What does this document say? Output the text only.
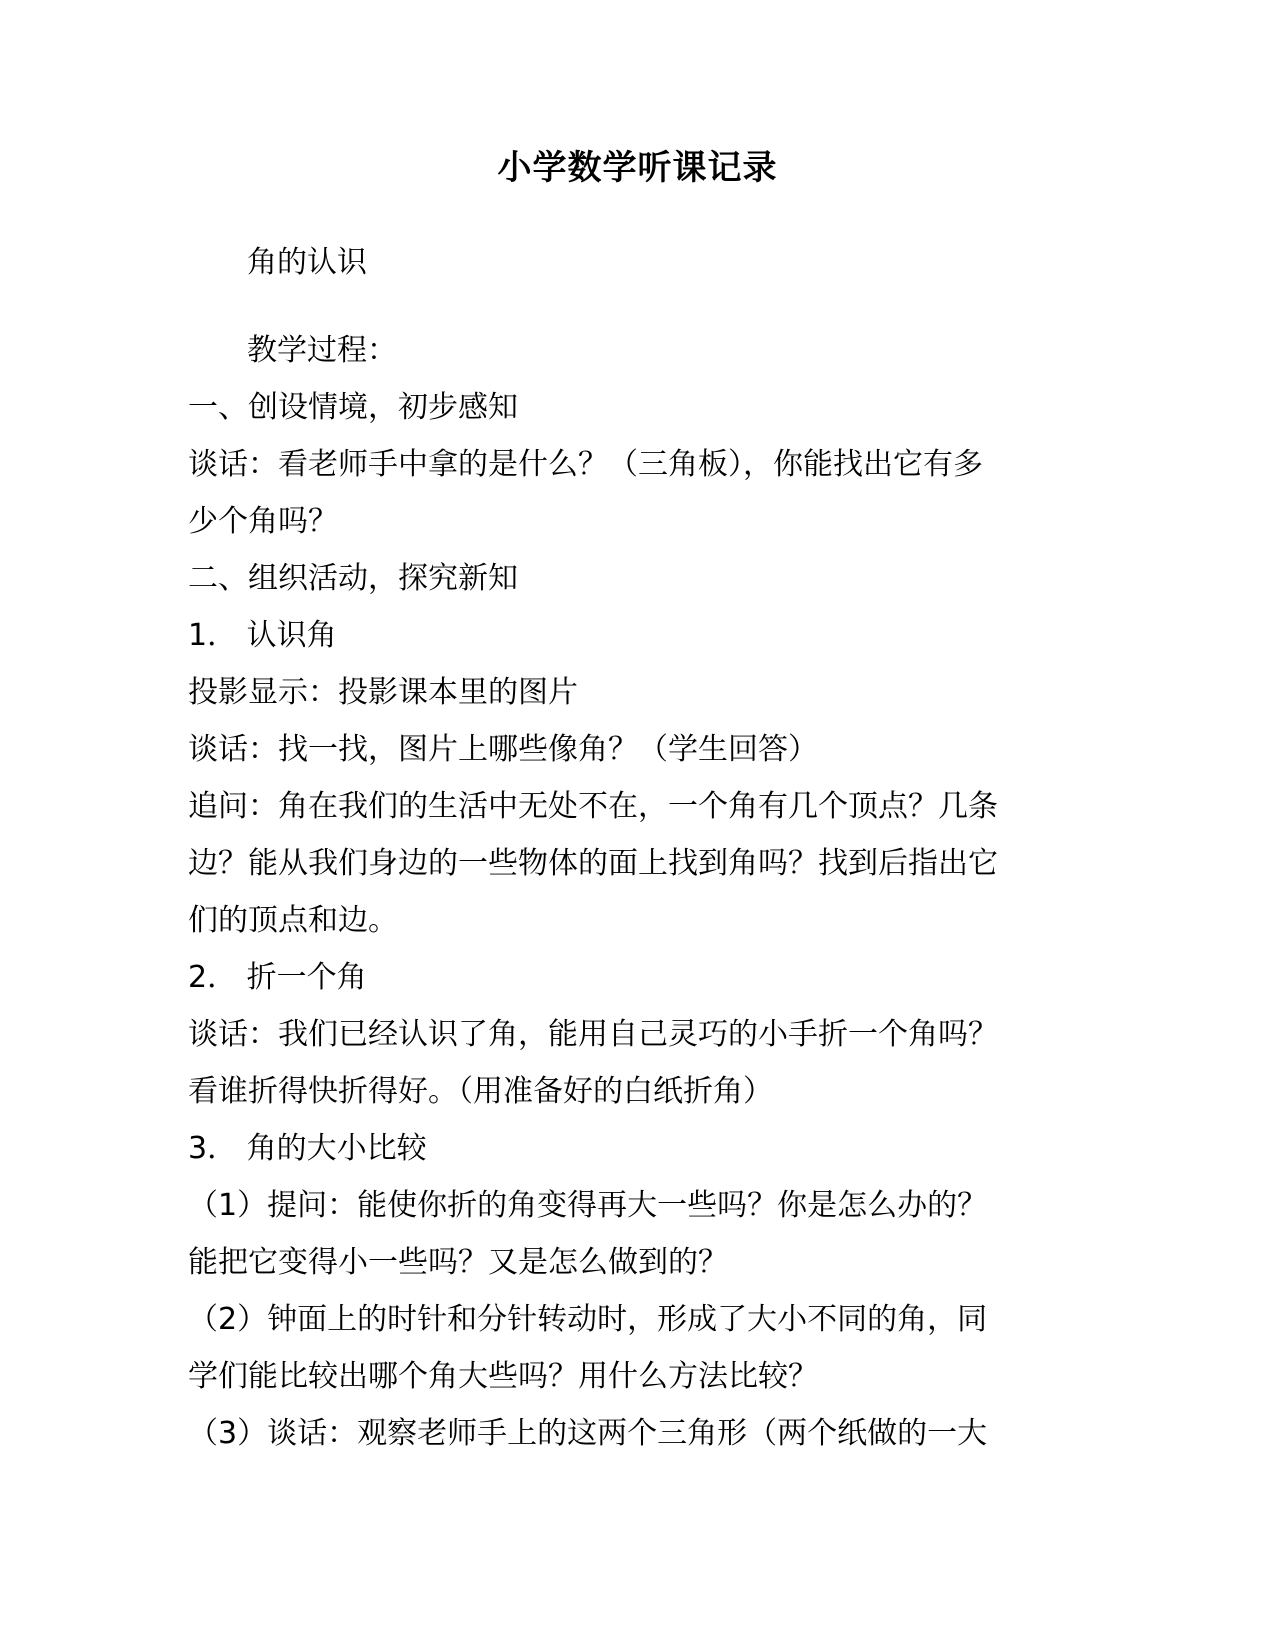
小学数学听课记录
角的认识
教学过程：
一、创设情境，初步感知
谈话：看老师手中拿的是什么？（三角板），你能找出它有多
少个角吗？
二、组织活动，探究新知
1． 认识角
投影显示：投影课本里的图片
谈话：找一找，图片上哪些像角？（学生回答）
追问：角在我们的生活中无处不在，一个角有几个顶点？几条
边？能从我们身边的一些物体的面上找到角吗？找到后指出它
们的顶点和边。
2． 折一个角
谈话：我们已经认识了角，能用自己灵巧的小手折一个角吗？
看谁折得快折得好。（用准备好的白纸折角）
3． 角的大小比较
（1）提问：能使你折的角变得再大一些吗？你是怎么办的？
能把它变得小一些吗？又是怎么做到的？
（2）钟面上的时针和分针转动时，形成了大小不同的角，同
学们能比较出哪个角大些吗？用什么方法比较？
（3）谈话：观察老师手上的这两个三角形（两个纸做的一大
